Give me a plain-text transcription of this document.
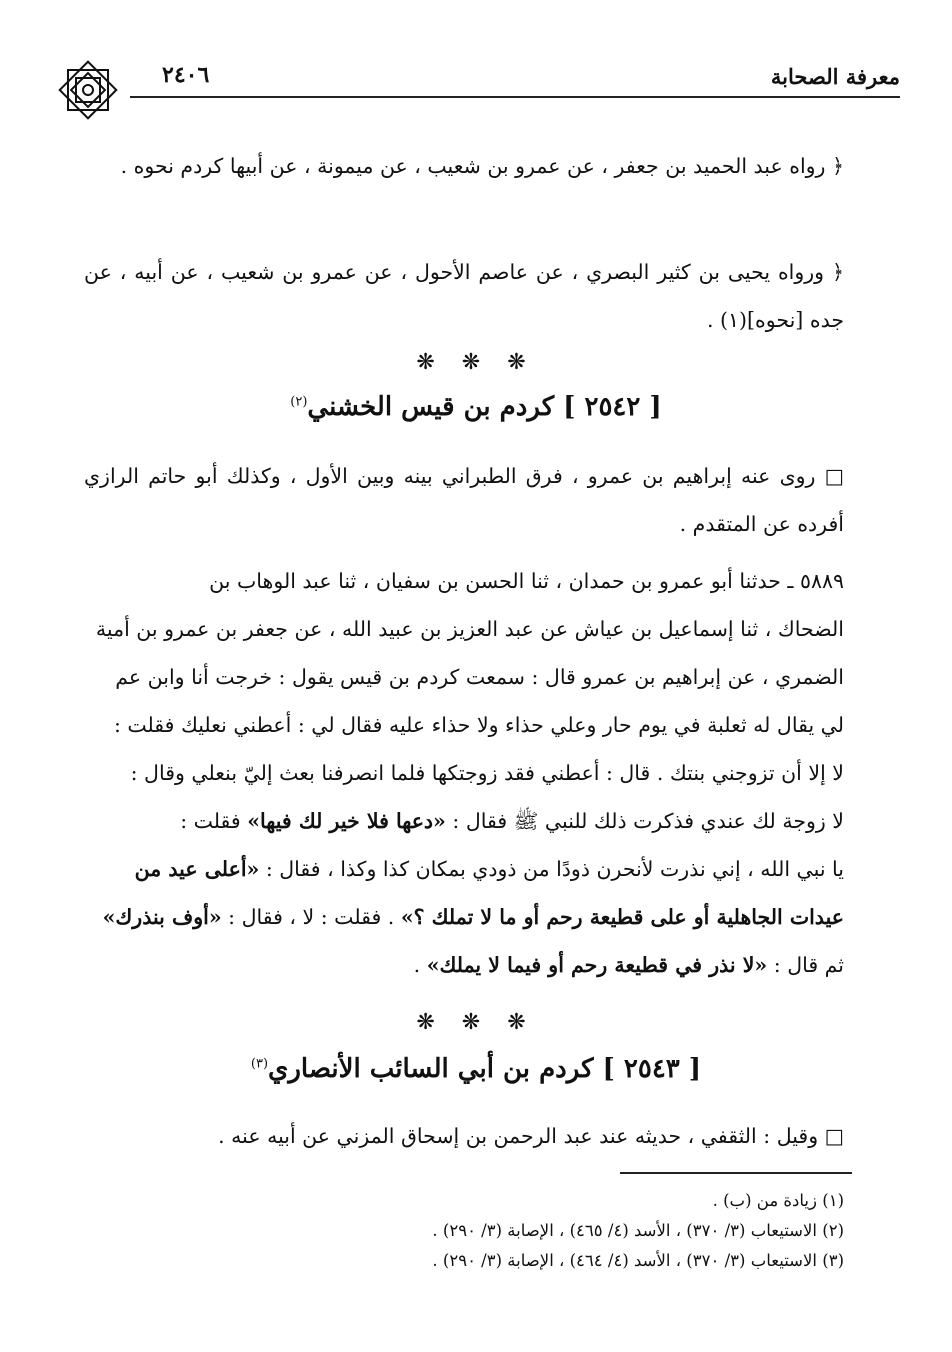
٢٤٠٦	معرفة الصحابة
﴿ رواه عبد الحميد بن جعفر ، عن عمرو بن شعيب ، عن ميمونة ، عن أبيها كردم نحوه .
﴿ ورواه يحيى بن كثير البصري ، عن عاصم الأحول ، عن عمرو بن شعيب ، عن أبيه ، عن جده [نحوه](١) .
❋ ❋ ❋
[ ٢٥٤٢ ] كردم بن قيس الخشني$^{(٢)}$
□ روى عنه إبراهيم بن عمرو ، فرق الطبراني بينه وبين الأول ، وكذلك أبو حاتم الرازي أفرده عن المتقدم .
٥٨٨٩ ـ حدثنا أبو عمرو بن حمدان ، ثنا الحسن بن سفيان ، ثنا عبد الوهاب بن
الضحاك ، ثنا إسماعيل بن عياش عن عبد العزيز بن عبيد الله ، عن جعفر بن عمرو بن أمية
الضمري ، عن إبراهيم بن عمرو قال : سمعت كردم بن قيس يقول : خرجت أنا وابن عم
لي يقال له ثعلبة في يوم حار وعلي حذاء ولا حذاء عليه فقال لي : أعطني نعليك فقلت :
لا إلا أن تزوجني بنتك . قال : أعطني فقد زوجتكها فلما انصرفنا بعث إليّ بنعلي وقال :
لا زوجة لك عندي فذكرت ذلك للنبي ﷺ فقال : «دعها فلا خير لك فيها» فقلت :
يا نبي الله ، إني نذرت لأنحرن ذودًا من ذودي بمكان كذا وكذا ، فقال : «أعلى عيد من
عيدات الجاهلية أو على قطيعة رحم أو ما لا تملك ؟» . فقلت : لا ، فقال : «أوف بنذرك»
ثم قال : «لا نذر في قطيعة رحم أو فيما لا يملك» .
❋ ❋ ❋
[ ٢٥٤٣ ] كردم بن أبي السائب الأنصاري$^{(٣)}$
□ وقيل : الثقفي ، حديثه عند عبد الرحمن بن إسحاق المزني عن أبيه عنه .
(١) زيادة من (ب) .
(٢) الاستيعاب (٣/ ٣٧٠) ، الأسد (٤/ ٤٦٥) ، الإصابة (٣/ ٢٩٠) .
(٣) الاستيعاب (٣/ ٣٧٠) ، الأسد (٤/ ٤٦٤) ، الإصابة (٣/ ٢٩٠) .
